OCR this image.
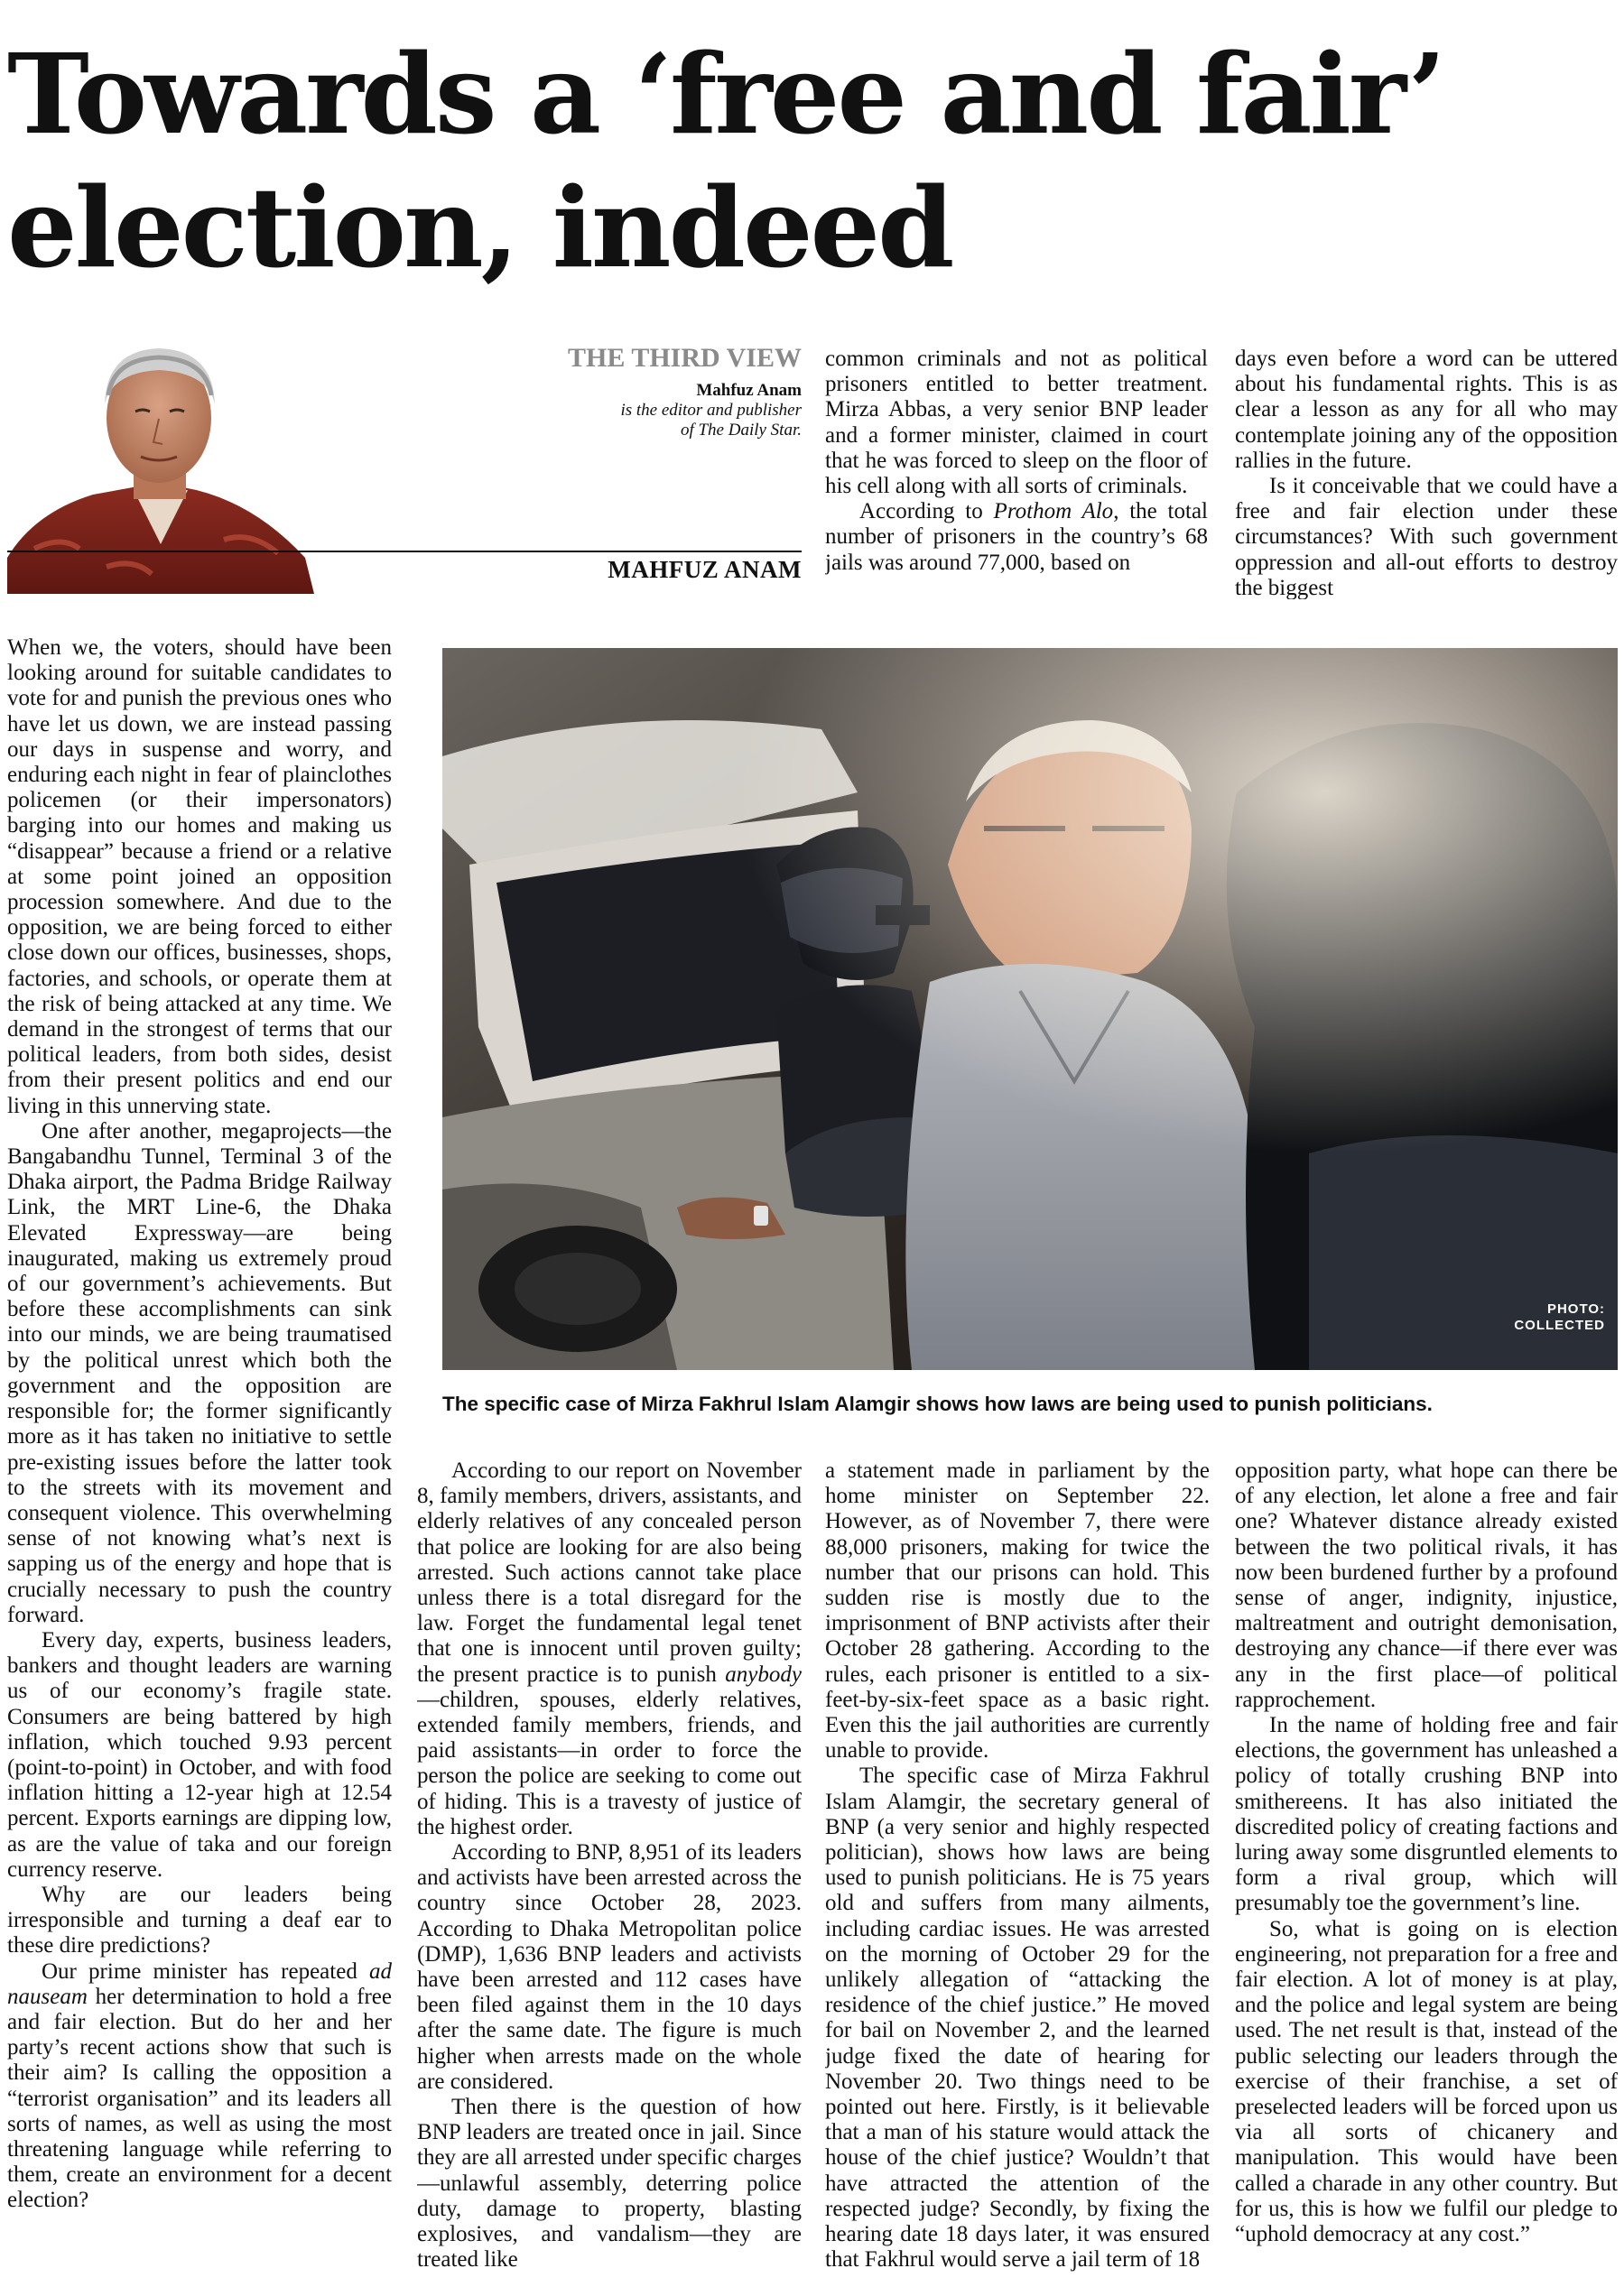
Towards a ‘free and fair’
election, indeed
THE THIRD VIEW
Mahfuz Anam
is the editor and publisher
of The Daily Star.
MAHFUZ ANAM

common criminals and not as political prisoners entitled to better treatment. Mirza Abbas, a very senior BNP leader and a former minister, claimed in court that he was forced to sleep on the floor of his cell along with all sorts of criminals.

According to Prothom Alo, the total number of prisoners in the country’s 68 jails was around 77,000, based on

days even before a word can be uttered about his fundamental rights. This is as clear a lesson as any for all who may contemplate joining any of the opposition rallies in the future.

Is it conceivable that we could have a free and fair election under these circumstances? With such government oppression and all-out efforts to destroy the biggest

When we, the voters, should have been looking around for suitable candidates to vote for and punish the previous ones who have let us down, we are instead passing our days in suspense and worry, and enduring each night in fear of plainclothes policemen (or their impersonators) barging into our homes and making us “disappear” because a friend or a relative at some point joined an opposition procession somewhere. And due to the opposition, we are being forced to either close down our offices, businesses, shops, factories, and schools, or operate them at the risk of being attacked at any time. We demand in the strongest of terms that our political leaders, from both sides, desist from their present politics and end our living in this unnerving state.

One after another, megaprojects—the Bangabandhu Tunnel, Terminal 3 of the Dhaka airport, the Padma Bridge Railway Link, the MRT Line-6, the Dhaka Elevated Expressway—are being inaugurated, making us extremely proud of our government’s achievements. But before these accomplishments can sink into our minds, we are being traumatised by the political unrest which both the government and the opposition are responsible for; the former significantly more as it has taken no initiative to settle pre-existing issues before the latter took to the streets with its movement and consequent violence. This overwhelming sense of not knowing what’s next is sapping us of the energy and hope that is crucially necessary to push the country forward.

Every day, experts, business leaders, bankers and thought leaders are warning us of our economy’s fragile state. Consumers are being battered by high inflation, which touched 9.93 percent (point-to-point) in October, and with food inflation hitting a 12-year high at 12.54 percent. Exports earnings are dipping low, as are the value of taka and our foreign currency reserve.

Why are our leaders being irresponsible and turning a deaf ear to these dire predictions?

Our prime minister has repeated ad nauseam her determination to hold a free and fair election. But do her and her party’s recent actions show that such is their aim? Is calling the opposition a “terrorist organisation” and its leaders all sorts of names, as well as using the most threatening language while referring to them, create an environment for a decent election?

PHOTO:
COLLECTED
The specific case of Mirza Fakhrul Islam Alamgir shows how laws are being used to punish politicians.

According to our report on November 8, family members, drivers, assistants, and elderly relatives of any concealed person that police are looking for are also being arrested. Such actions cannot take place unless there is a total disregard for the law. Forget the fundamental legal tenet that one is innocent until proven guilty; the present practice is to punish anybody—children, spouses, elderly relatives, extended family members, friends, and paid assistants—in order to force the person the police are seeking to come out of hiding. This is a travesty of justice of the highest order.

According to BNP, 8,951 of its leaders and activists have been arrested across the country since October 28, 2023. According to Dhaka Metropolitan police (DMP), 1,636 BNP leaders and activists have been arrested and 112 cases have been filed against them in the 10 days after the same date. The figure is much higher when arrests made on the whole are considered.

Then there is the question of how BNP leaders are treated once in jail. Since they are all arrested under specific charges—unlawful assembly, deterring police duty, damage to property, blasting explosives, and vandalism—they are treated like

a statement made in parliament by the home minister on September 22. However, as of November 7, there were 88,000 prisoners, making for twice the number that our prisons can hold. This sudden rise is mostly due to the imprisonment of BNP activists after their October 28 gathering. According to the rules, each prisoner is entitled to a six-feet-by-six-feet space as a basic right. Even this the jail authorities are currently unable to provide.

The specific case of Mirza Fakhrul Islam Alamgir, the secretary general of BNP (a very senior and highly respected politician), shows how laws are being used to punish politicians. He is 75 years old and suffers from many ailments, including cardiac issues. He was arrested on the morning of October 29 for the unlikely allegation of “attacking the residence of the chief justice.” He moved for bail on November 2, and the learned judge fixed the date of hearing for November 20. Two things need to be pointed out here. Firstly, is it believable that a man of his stature would attack the house of the chief justice? Wouldn’t that have attracted the attention of the respected judge? Secondly, by fixing the hearing date 18 days later, it was ensured that Fakhrul would serve a jail term of 18

opposition party, what hope can there be of any election, let alone a free and fair one? Whatever distance already existed between the two political rivals, it has now been burdened further by a profound sense of anger, indignity, injustice, maltreatment and outright demonisation, destroying any chance—if there ever was any in the first place—of political rapprochement.

In the name of holding free and fair elections, the government has unleashed a policy of totally crushing BNP into smithereens. It has also initiated the discredited policy of creating factions and luring away some disgruntled elements to form a rival group, which will presumably toe the government’s line.

So, what is going on is election engineering, not preparation for a free and fair election. A lot of money is at play, and the police and legal system are being used. The net result is that, instead of the public selecting our leaders through the exercise of their franchise, a set of preselected leaders will be forced upon us via all sorts of chicanery and manipulation. This would have been called a charade in any other country. But for us, this is how we fulfil our pledge to “uphold democracy at any cost.”
